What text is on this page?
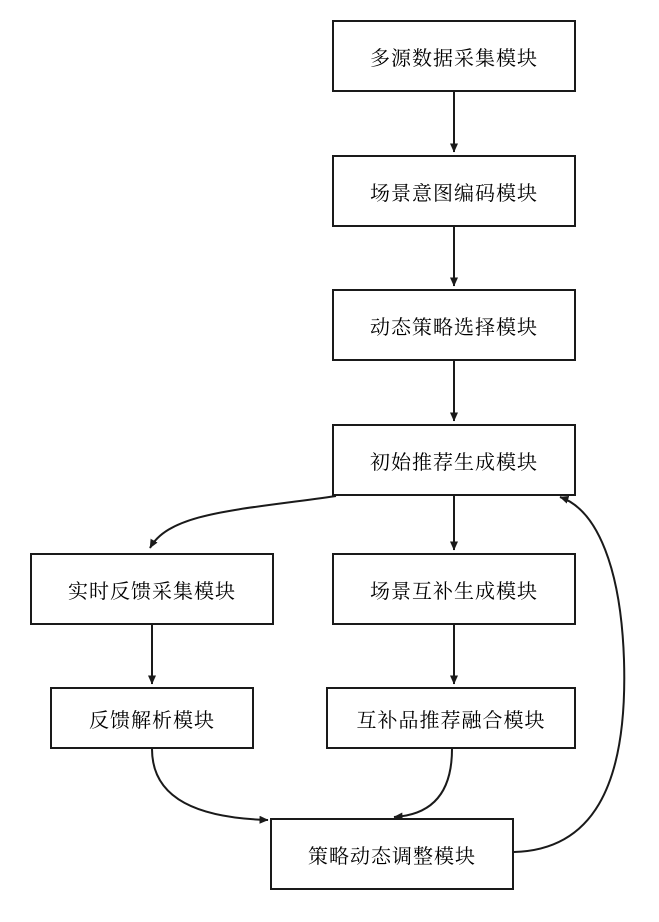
多源数据采集模块
场景意图编码模块
动态策略选择模块
初始推荐生成模块
实时反馈采集模块	场景互补生成模块
反馈解析模块	互补品推荐融合模块
策略动态调整模块
